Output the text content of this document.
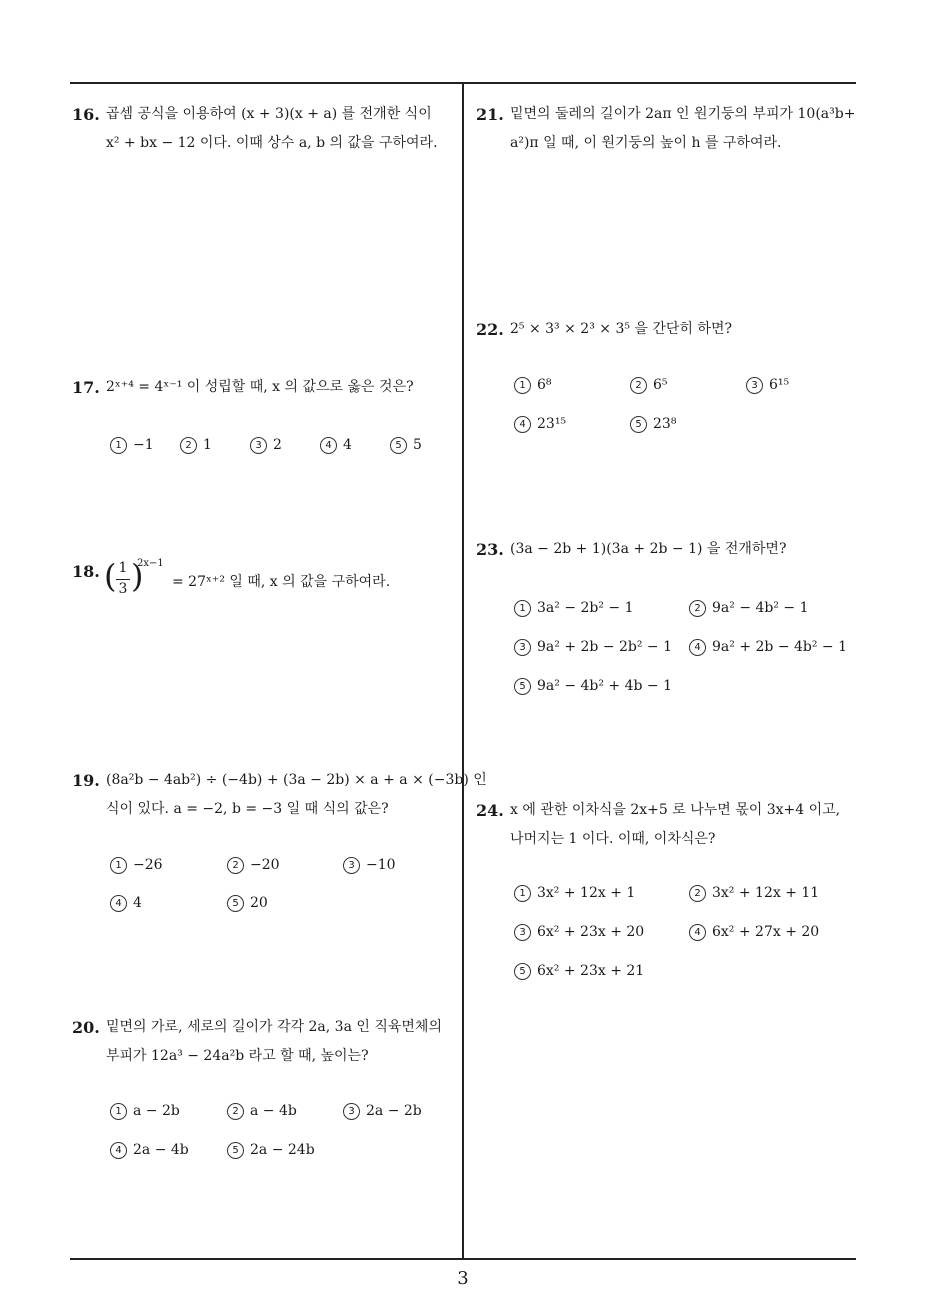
16. 곱셈 공식을 이용하여 (x + 3)(x + a) 를 전개한 식이
x² + bx − 12 이다. 이때 상수 a, b 의 값을 구하여라.
17. 2ˣ⁺⁴ = 4ˣ⁻¹ 이 성립할 때, x 의 값으로 옳은 것은?
1 −1	2 1	3 2	4 4	5 5
18. ( 1
3 )
2x−1
= 27ˣ⁺² 일 때, x 의 값을 구하여라.
19. (8a²b − 4ab²) ÷ (−4b) + (3a − 2b) × a + a × (−3b) 인
식이 있다. a = −2, b = −3 일 때 식의 값은?
1 −26	2 −20	3 −10
4 4	5 20
20. 밑면의 가로, 세로의 길이가 각각 2a, 3a 인 직육면체의
부피가 12a³ − 24a²b 라고 할 때, 높이는?
1 a − 2b	2 a − 4b	3 2a − 2b
4 2a − 4b	5 2a − 24b
21. 밑면의 둘레의 길이가 2aπ 인 원기둥의 부피가 10(a³b+
a²)π 일 때, 이 원기둥의 높이 h 를 구하여라.
22. 2⁵ × 3³ × 2³ × 3⁵ 을 간단히 하면?
1 6⁸	2 6⁵	3 6¹⁵
4 23¹⁵	5 23⁸
23. (3a − 2b + 1)(3a + 2b − 1) 을 전개하면?
1 3a² − 2b² − 1	2 9a² − 4b² − 1
3 9a² + 2b − 2b² − 1	4 9a² + 2b − 4b² − 1
5 9a² − 4b² + 4b − 1
24. x 에 관한 이차식을 2x+5 로 나누면 몫이 3x+4 이고,
나머지는 1 이다. 이때, 이차식은?
1 3x² + 12x + 1	2 3x² + 12x + 11
3 6x² + 23x + 20	4 6x² + 27x + 20
5 6x² + 23x + 21
3
